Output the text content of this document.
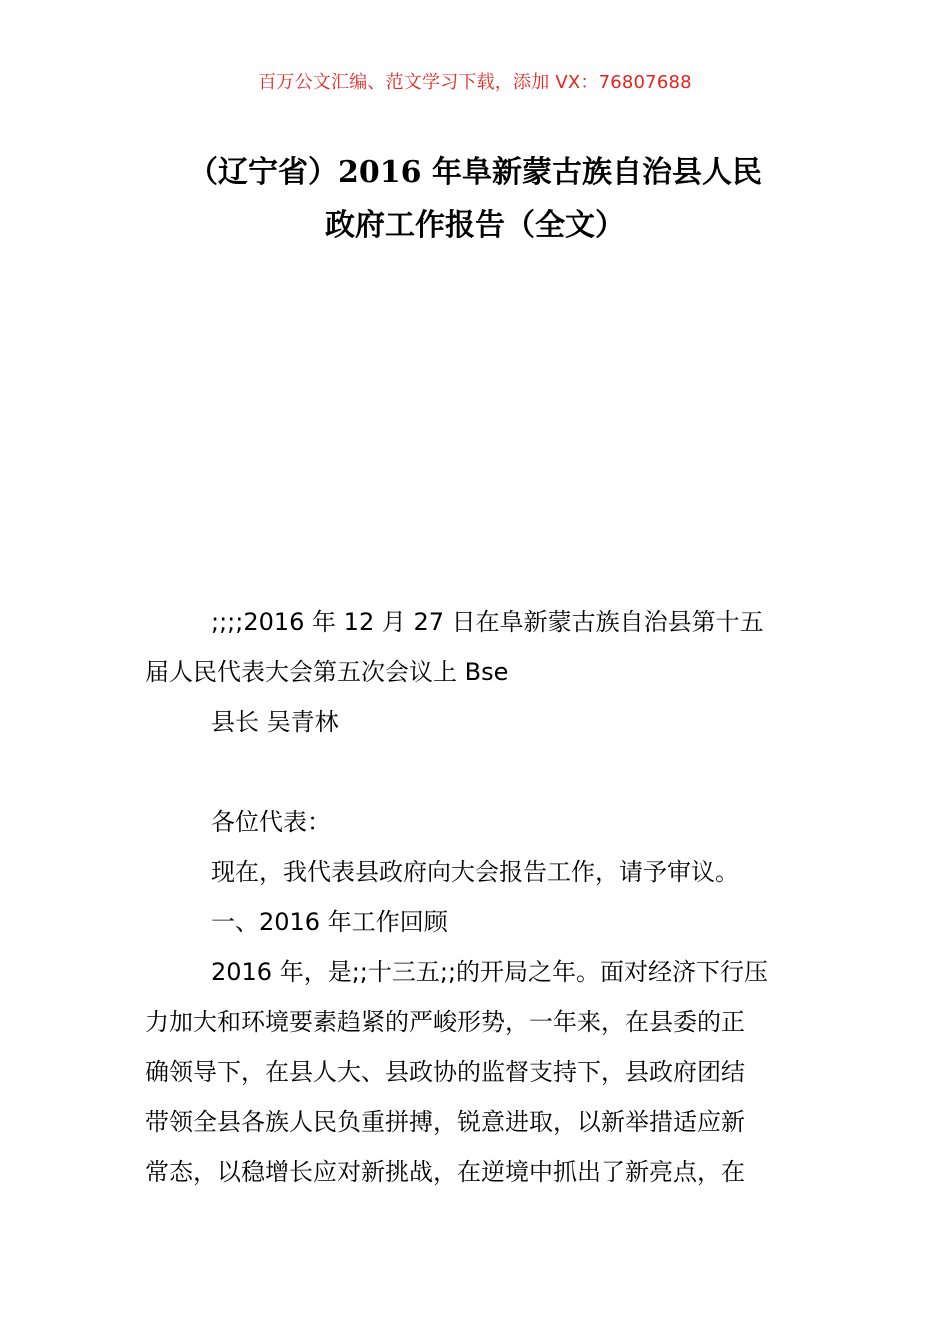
百万公文汇编、范文学习下载，添加 VX：76807688
（辽宁省）2016 年阜新蒙古族自治县人民
政府工作报告（全文）
;;;;2016 年 12 月 27 日在阜新蒙古族自治县第十五
届人民代表大会第五次会议上 Bse
县长 吴青林
各位代表：
现在，我代表县政府向大会报告工作，请予审议。
一、2016 年工作回顾
2016 年，是;;十三五;;的开局之年。面对经济下行压
力加大和环境要素趋紧的严峻形势，一年来，在县委的正
确领导下，在县人大、县政协的监督支持下，县政府团结
带领全县各族人民负重拼搏，锐意进取，以新举措适应新
常态，以稳增长应对新挑战，在逆境中抓出了新亮点，在
